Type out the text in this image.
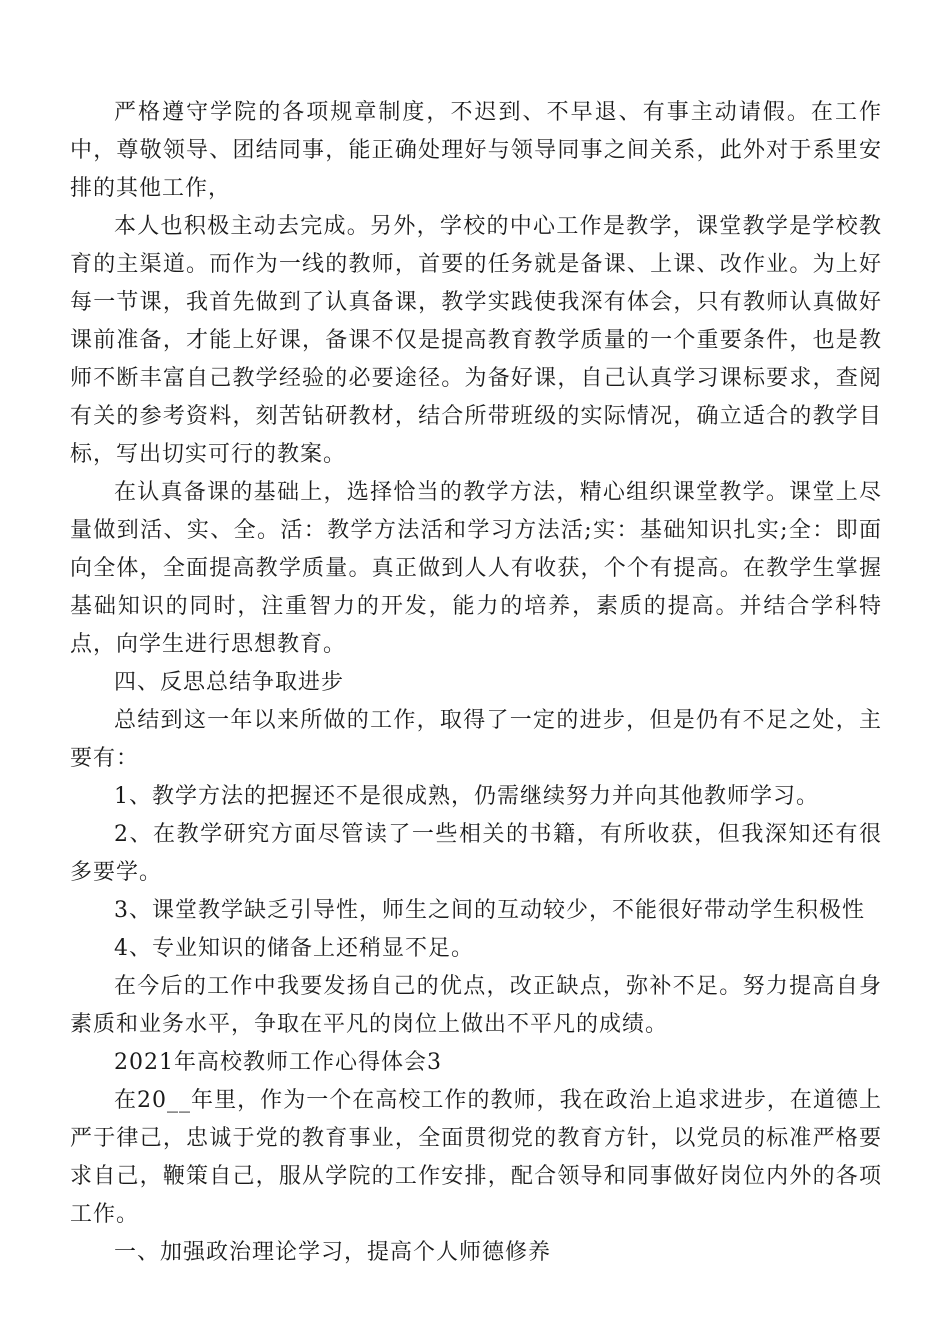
严格遵守学院的各项规章制度，不迟到、不早退、有事主动请假。在工作中，尊敬领导、团结同事，能正确处理好与领导同事之间关系，此外对于系里安排的其他工作，

本人也积极主动去完成。另外，学校的中心工作是教学，课堂教学是学校教育的主渠道。而作为一线的教师，首要的任务就是备课、上课、改作业。为上好每一节课，我首先做到了认真备课，教学实践使我深有体会，只有教师认真做好课前准备，才能上好课，备课不仅是提高教育教学质量的一个重要条件，也是教师不断丰富自己教学经验的必要途径。为备好课，自己认真学习课标要求，查阅有关的参考资料，刻苦钻研教材，结合所带班级的实际情况，确立适合的教学目标，写出切实可行的教案。

在认真备课的基础上，选择恰当的教学方法，精心组织课堂教学。课堂上尽量做到活、实、全。活：教学方法活和学习方法活;实：基础知识扎实;全：即面向全体，全面提高教学质量。真正做到人人有收获，个个有提高。在教学生掌握基础知识的同时，注重智力的开发，能力的培养，素质的提高。并结合学科特点，向学生进行思想教育。

四、反思总结争取进步

总结到这一年以来所做的工作，取得了一定的进步，但是仍有不足之处，主要有：

1、教学方法的把握还不是很成熟，仍需继续努力并向其他教师学习。

2、在教学研究方面尽管读了一些相关的书籍，有所收获，但我深知还有很多要学。

3、课堂教学缺乏引导性，师生之间的互动较少，不能很好带动学生积极性

4、专业知识的储备上还稍显不足。

在今后的工作中我要发扬自己的优点，改正缺点，弥补不足。努力提高自身素质和业务水平，争取在平凡的岗位上做出不平凡的成绩。

2021年高校教师工作心得体会3

在20__年里，作为一个在高校工作的教师，我在政治上追求进步，在道德上严于律己，忠诚于党的教育事业，全面贯彻党的教育方针，以党员的标准严格要求自己，鞭策自己，服从学院的工作安排，配合领导和同事做好岗位内外的各项工作。

一、加强政治理论学习，提高个人师德修养
